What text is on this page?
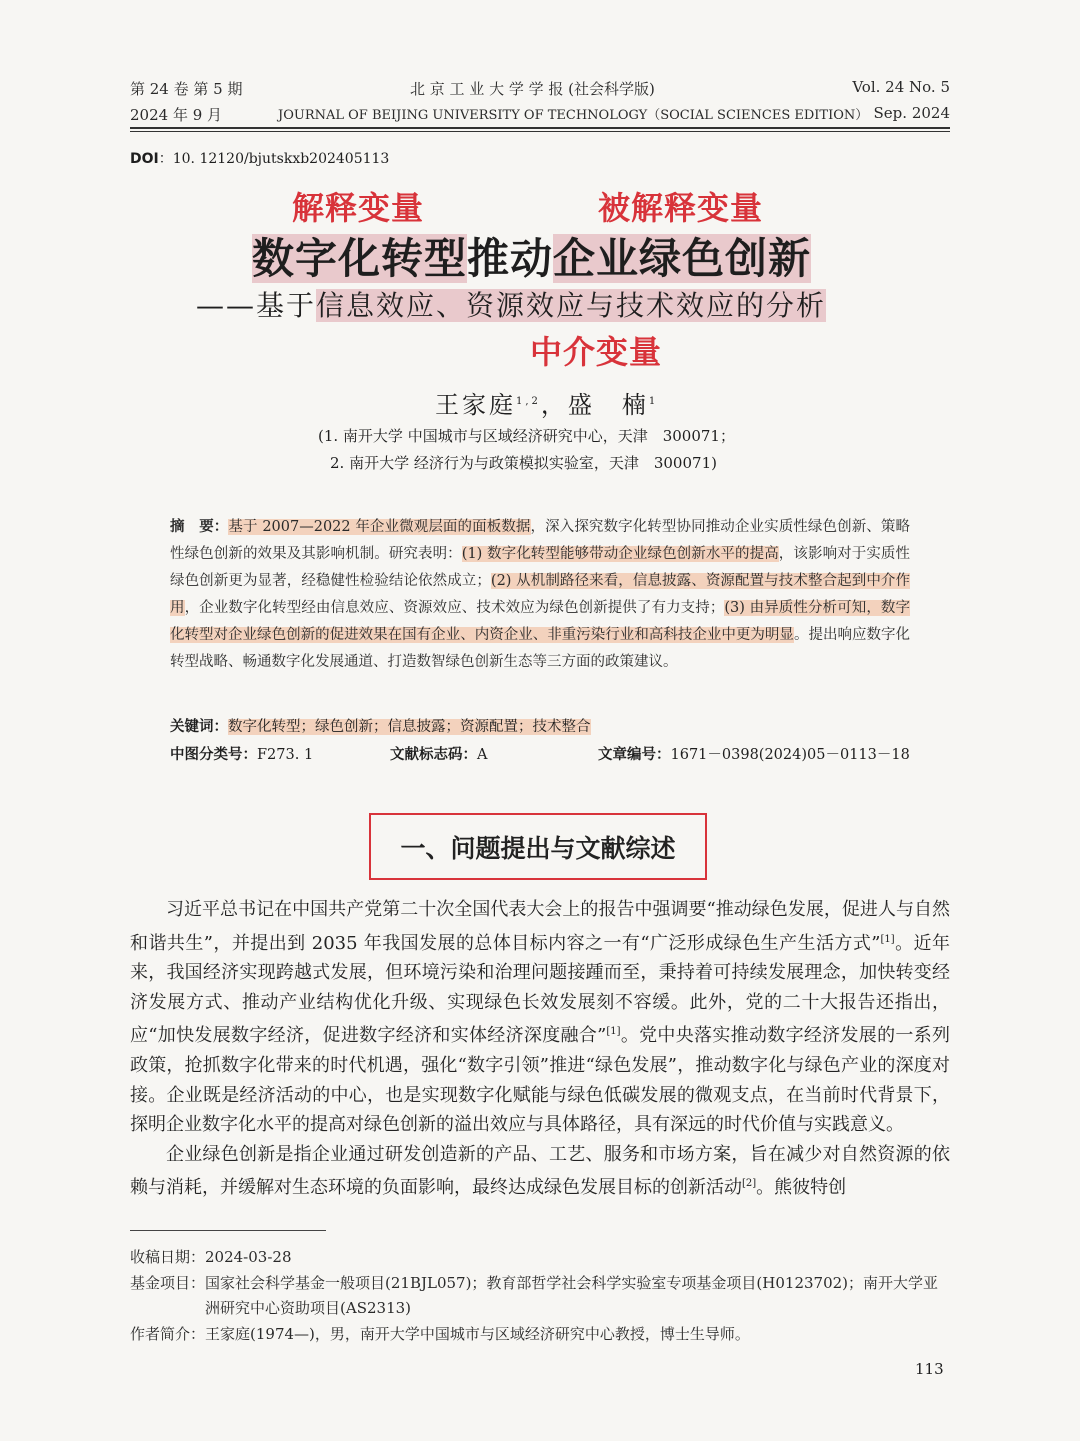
第 24 卷 第 5 期
2024 年 9 月
北 京 工 业 大 学 学 报 (社会科学版)
JOURNAL OF BEIJING UNIVERSITY OF TECHNOLOGY（SOCIAL SCIENCES EDITION）
Vol. 24 No. 5
Sep. 2024
DOI：10. 12120/bjutskxb202405113
解释变量	被解释变量
数字化转型推动企业绿色创新
——基于信息效应、资源效应与技术效应的分析
中介变量
王家庭$^{1,2}$，盛　楠$^1$
(1. 南开大学 中国城市与区域经济研究中心，天津　300071；
2. 南开大学 经济行为与政策模拟实验室，天津　300071)
摘　要：基于 2007—2022 年企业微观层面的面板数据，深入探究数字化转型协同推动企业实质性绿色创新、策略性绿色创新的效果及其影响机制。研究表明：(1) 数字化转型能够带动企业绿色创新水平的提高，该影响对于实质性绿色创新更为显著，经稳健性检验结论依然成立；(2) 从机制路径来看，信息披露、资源配置与技术整合起到中介作用，企业数字化转型经由信息效应、资源效应、技术效应为绿色创新提供了有力支持；(3) 由异质性分析可知，数字化转型对企业绿色创新的促进效果在国有企业、内资企业、非重污染行业和高科技企业中更为明显。提出响应数字化转型战略、畅通数字化发展通道、打造数智绿色创新生态等三方面的政策建议。
关键词：数字化转型；绿色创新；信息披露；资源配置；技术整合
中图分类号：F273. 1	文献标志码：A	文章编号：1671－0398(2024)05－0113－18
一、问题提出与文献综述

习近平总书记在中国共产党第二十次全国代表大会上的报告中强调要“推动绿色发展，促进人与自然和谐共生”，并提出到 2035 年我国发展的总体目标内容之一有“广泛形成绿色生产生活方式”[1]。近年来，我国经济实现跨越式发展，但环境污染和治理问题接踵而至，秉持着可持续发展理念，加快转变经济发展方式、推动产业结构优化升级、实现绿色长效发展刻不容缓。此外，党的二十大报告还指出，应“加快发展数字经济，促进数字经济和实体经济深度融合”[1]。党中央落实推动数字经济发展的一系列政策，抢抓数字化带来的时代机遇，强化“数字引领”推进“绿色发展”，推动数字化与绿色产业的深度对接。企业既是经济活动的中心，也是实现数字化赋能与绿色低碳发展的微观支点，在当前时代背景下，探明企业数字化水平的提高对绿色创新的溢出效应与具体路径，具有深远的时代价值与实践意义。

企业绿色创新是指企业通过研发创造新的产品、工艺、服务和市场方案，旨在减少对自然资源的依赖与消耗，并缓解对生态环境的负面影响，最终达成绿色发展目标的创新活动[2]。熊彼特创

收稿日期：2024-03-28
基金项目： 国家社会科学基金一般项目(21BJL057)；教育部哲学社会科学实验室专项基金项目(H0123702)；南开大学亚洲研究中心资助项目(AS2313)
作者简介：王家庭(1974—)，男，南开大学中国城市与区域经济研究中心教授，博士生导师。
113
